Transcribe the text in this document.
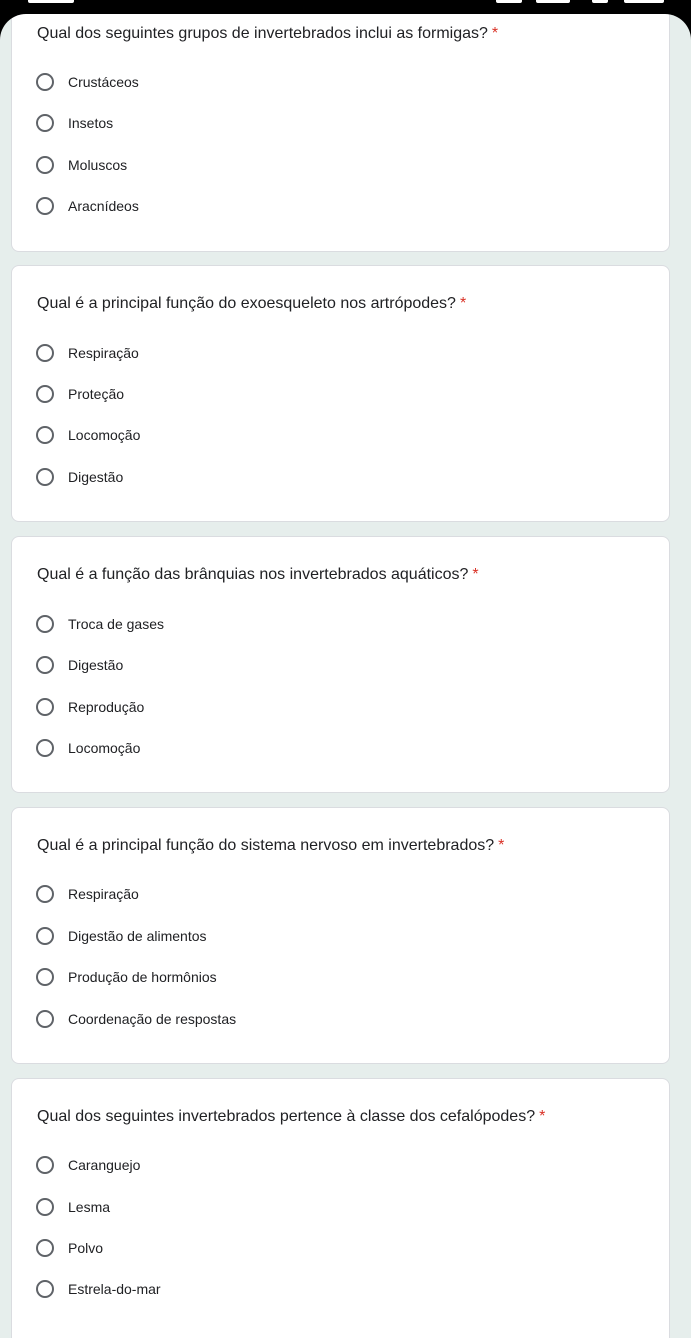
Qual dos seguintes grupos de invertebrados inclui as formigas? *
Crustáceos
Insetos
Moluscos
Aracnídeos
Qual é a principal função do exoesqueleto nos artrópodes? *
Respiração
Proteção
Locomoção
Digestão
Qual é a função das brânquias nos invertebrados aquáticos? *
Troca de gases
Digestão
Reprodução
Locomoção
Qual é a principal função do sistema nervoso em invertebrados? *
Respiração
Digestão de alimentos
Produção de hormônios
Coordenação de respostas
Qual dos seguintes invertebrados pertence à classe dos cefalópodes? *
Caranguejo
Lesma
Polvo
Estrela-do-mar
